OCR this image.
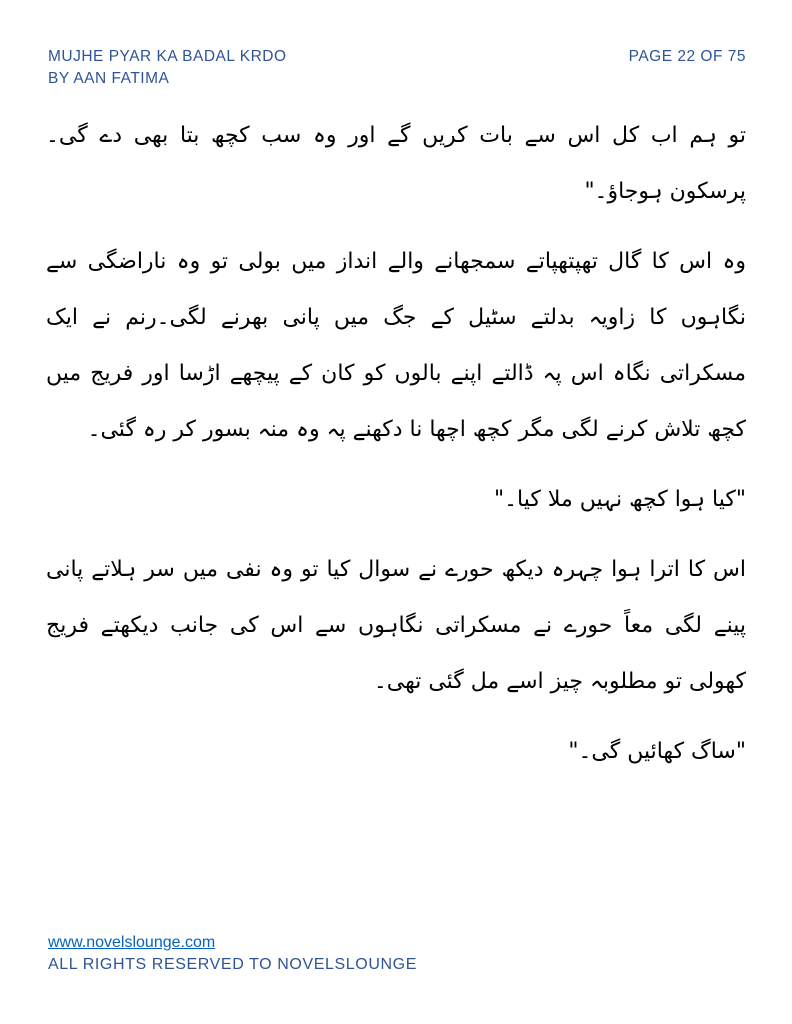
MUJHE PYAR KA BADAL KRDO
BY AAN FATIMA
PAGE 22 OF 75

تو ہم اب کل اس سے بات کریں گے اور وہ سب کچھ بتا بھی دے گی۔ پرسکون ہوجاؤ۔"

وہ اس کا گال تھپتھپاتے سمجھانے والے انداز میں بولی تو وہ ناراضگی سے نگاہوں کا زاویہ بدلتے سٹیل کے جگ میں پانی بھرنے لگی۔رنم نے ایک مسکراتی نگاہ اس پہ ڈالتے اپنے بالوں کو کان کے پیچھے اڑسا اور فریج میں کچھ تلاش کرنے لگی مگر کچھ اچھا نا دکھنے پہ وہ منہ بسور کر رہ گئی۔

"کیا ہوا کچھ نہیں ملا کیا۔"

اس کا اترا ہوا چہرہ دیکھ حورے نے سوال کیا تو وہ نفی میں سر ہلاتے پانی پینے لگی معاً حورے نے مسکراتی نگاہوں سے اس کی جانب دیکھتے فریج کھولی تو مطلوبہ چیز اسے مل گئی تھی۔

"ساگ کھائیں گی۔"

www.novelslounge.com
ALL RIGHTS RESERVED TO NOVELSLOUNGE
